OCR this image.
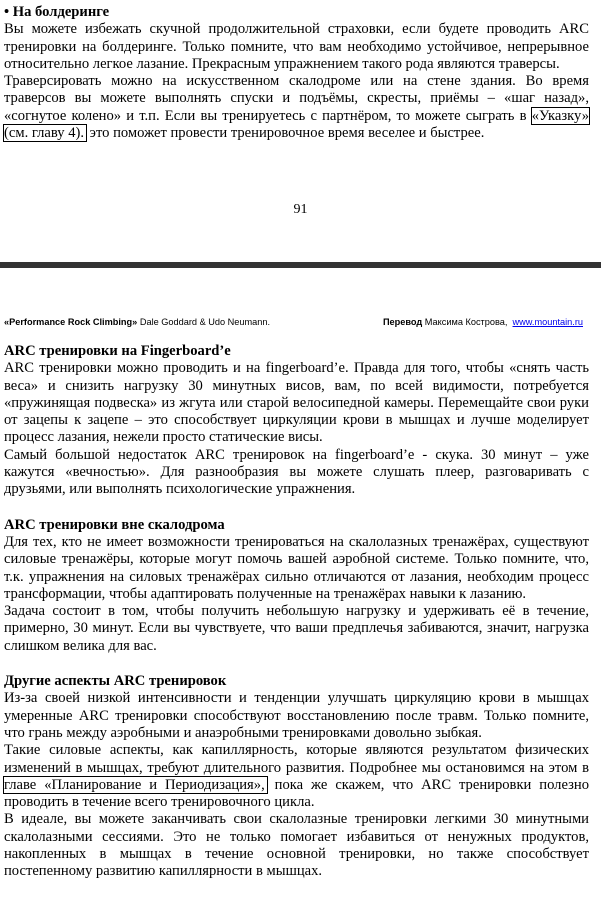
• На болдеринге

Вы можете избежать скучной продолжительной страховки, если будете проводить ARC тренировки на болдеринге. Только помните, что вам необходимо устойчивое, непрерывное относительно легкое лазание. Прекрасным упражнением такого рода являются траверсы.

Траверсировать можно на искусственном скалодроме или на стене здания. Во время траверсов вы можете выполнять спуски и подъёмы, скресты, приёмы – «шаг назад», «согнутое колено» и т.п. Если вы тренируетесь с партнёром, то можете сыграть в «Указку» (см. главу 4). это поможет провести тренировочное время веселее и быстрее.

91
«Performance Rock Climbing» Dale Goddard & Udo Neumann.	Перевод Максима Кострова, www.mountain.ru

ARC тренировки на Fingerboard’е

ARC тренировки можно проводить и на fingerboard’е. Правда для того, чтобы «снять часть веса» и снизить нагрузку 30 минутных висов, вам, по всей видимости, потребуется «пружинящая подвеска» из жгута или старой велосипедной камеры. Перемещайте свои руки от зацепы к зацепе – это способствует циркуляции крови в мышцах и лучше моделирует процесс лазания, нежели просто статические висы.

Самый большой недостаток ARC тренировок на fingerboard’е - скука. 30 минут – уже кажутся «вечностью». Для разнообразия вы можете слушать плеер, разговаривать с друзьями, или выполнять психологические упражнения.

ARC тренировки вне скалодрома

Для тех, кто не имеет возможности тренироваться на скалолазных тренажёрах, существуют силовые тренажёры, которые могут помочь вашей аэробной системе. Только помните, что, т.к. упражнения на силовых тренажёрах сильно отличаются от лазания, необходим процесс трансформации, чтобы адаптировать полученные на тренажёрах навыки к лазанию.

Задача состоит в том, чтобы получить небольшую нагрузку и удерживать её в течение, примерно, 30 минут. Если вы чувствуете, что ваши предплечья забиваются, значит, нагрузка слишком велика для вас.

Другие аспекты ARC тренировок

Из-за своей низкой интенсивности и тенденции улучшать циркуляцию крови в мышцах умеренные ARC тренировки способствуют восстановлению после травм. Только помните, что грань между аэробными и анаэробными тренировками довольно зыбкая.

Такие силовые аспекты, как капиллярность, которые являются результатом физических изменений в мышцах, требуют длительного развития. Подробнее мы остановимся на этом в главе «Планирование и Периодизация», пока же скажем, что ARC тренировки полезно проводить в течение всего тренировочного цикла.

В идеале, вы можете заканчивать свои скалолазные тренировки легкими 30 минутными скалолазными сессиями. Это не только помогает избавиться от ненужных продуктов, накопленных в мышцах в течение основной тренировки, но также способствует постепенному развитию капиллярности в мышцах.
